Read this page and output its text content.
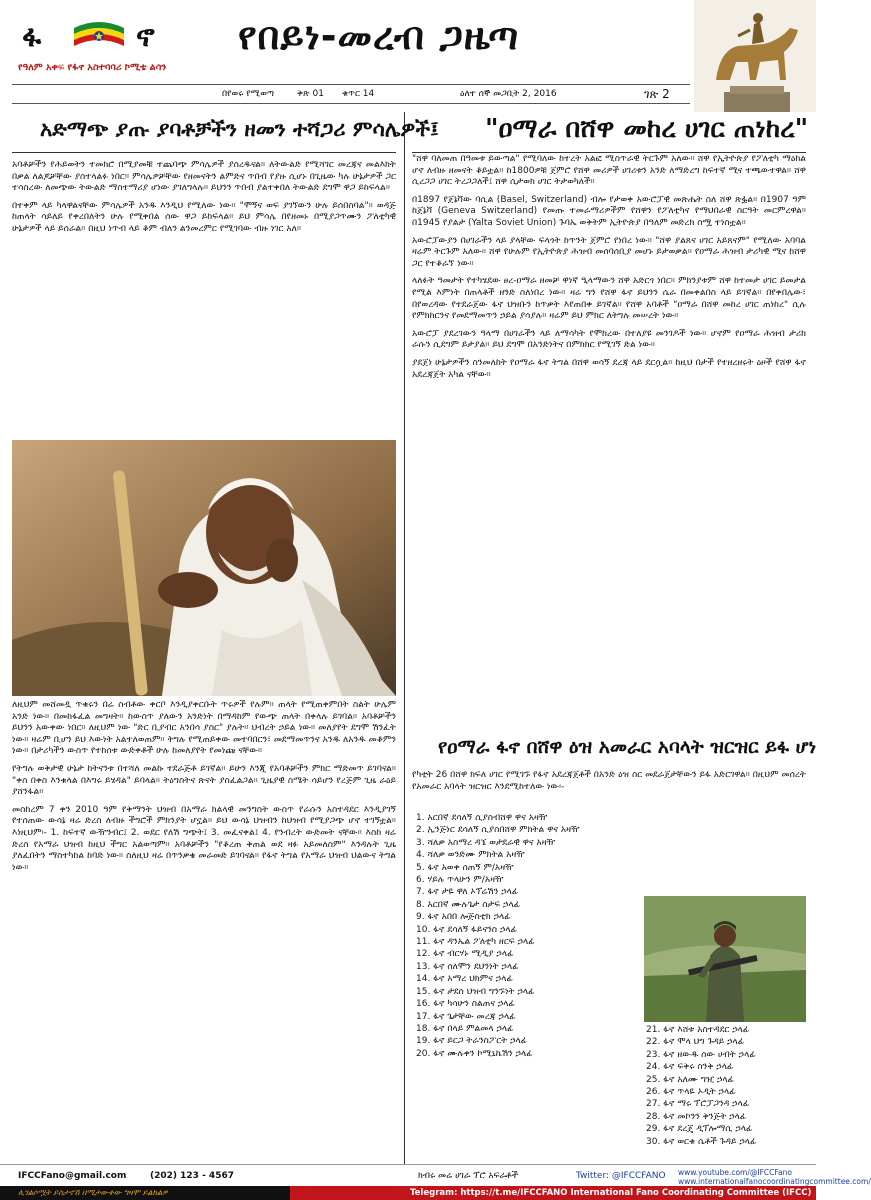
ፋ	ኖ	የበይነ-መረብ ጋዜጣ
የዓለም አቀፍ የፋኖ አስተባባሪ ኮሚቴ ልሳን
በየወሩ የሚወጣ	ቅጽ 01 ቁጥር 14	ዕለተ ሰኞ መጋቢት 2, 2016	ገጽ 2
አድማጭ ያጡ ያባቶቻችን ዘመን ተሻጋሪ ምሳሌዎች፤

አባቶቻችን የሕይወትን ተመክሮ በሚያመቹ ተጨባጭ ምሳሌዎች ያስረዱናል። ለትውልድ የሚሻገር መረጃና መልእክት በቃል ለልጆቻቸው ያስተላልፉ ነበር። ምሳሌዎቻቸው የዘመናትን ልምድና ጥበብ የያዙ ሲሆኑ በጊዜው ካሉ ሁኔታዎች ጋር ተሳስረው ለመጭው ትውልድ ማስተማሪያ ሆነው ያገለግላሉ። ይህንን ጥበብ ያልተቀበለ ትውልድ ደግሞ ዋጋ ይከፍላል።

በተቀም ላይ ካላዋልናቸው ምሳሌዎች አንዱ እንዲህ የሚለው ነው። "ሞኝና ወፍ ያገኘውን ሁሉ ይሰበስባል"። ወዳጅ ከጠላት ሳይለይ የቀረበለትን ሁሉ የሚቀበል ሰው ዋጋ ይከፍላል። ይህ ምሳሌ በየዘመኑ በሚያጋጥሙን ፖለቲካዊ ሁኔታዎች ላይ ይሰራል። በዚህ ነጥብ ላይ ቆም ብለን ልንመረምር የሚገባው ብዙ ነገር አለ።

ለዚህም መሸመዷ ጥቁሩን በሬ ስብቶው ቀርቦ እንዲያቀርቡት ጥሩዎች የሉም። ጠላት የሚጠቀምበት ስልት ሁሌም አንድ ነው። በመከፋፈል መግዛት። ከውስጥ ያለውን አንድነት በማዳከም የውጭ ጠላት በቀላሉ ይገባል። አባቶቻችን ይህንን አውቀው ነበር። ለዚህም ነው "ድር ቢያብር አንበሳ ያስር" ያሉት። ህብረት ኃይል ነው። መለያየት ደግሞ ሽንፈት ነው። ዛሬም ቢሆን ይህ እውነት አልተለወጠም። ትግሉ የሚጠይቀው መተባበርን፣ መደማመጥንና አንዱ ለአንዱ መቆምን ነው። በታሪካችን ውስጥ የተከሰቱ ውድቀቶች ሁሉ ከመለያየት የመነጩ ናቸው።

የትግሉ ወቅታዊ ሁኔታ ከትናንቱ በተሻለ መልኩ ተደራጅቶ ይገኛል። ይሁን እንጂ የአባቶቻችን ምክር ማድመጥ ይገባናል። "ቀስ በቀስ እንቁላል በእግሩ ይሄዳል" ይባላል። ትዕግስትና ጽናት ያስፈልጋል። ጊዜያዊ ስሜት ሳይሆን የረጅም ጊዜ ራዕይ ያሸንፋል።

መስከረም 7 ቀን 2010 ዓም የቅማንት ህዝብ በአማራ ክልላዊ መንግስት ውስጥ የራሱን አስተዳደር እንዲያገኝ የተሰጠው ውሳኔ ዛሬ ድረስ ለብዙ ችግሮች ምክንያት ሆኗል። ይህ ውሳኔ ህዝብን ከህዝብ የሚያጋጭ ሆኖ ተገኝቷል። እነዚህም፡- 1. ከፍተኛ ውዥንብር፤ 2. ወደር የለሽ ግጭት፤ 3. መፈናቀል፤ 4. የንብረት ውድመት ናቸው። እስከ ዛሬ ድረስ የአማራ ህዝብ ከዚህ ችግር አልወጣም። አባቶቻችን "የቆረጠ ቅጠል ወደ ዛፉ አይመለስም" እንዳሉት ጊዜ ያለፈበትን ማስተካከል ከባድ ነው። ስለዚህ ዛሬ በጥንቃቄ መራመድ ይገባናል። የፋኖ ትግል የአማራ ህዝብ ህልውና ትግል ነው።

"ዐማራ በሸዋ መከረ ሀገር ጠነከረ"

"ሸዋ ባለመጠ በዓመቱ ይውጣል" የሚባለው ከተረት አልፎ ሚስጥራዊ ትርጉም አለው። ሸዋ የኢትዮጵያ የፖለቲካ ማዕከል ሆኖ ለብዙ ዘመናት ቆይቷል። ከ1800ዎቹ ጀምሮ የሸዋ መሪዎች ሀገሪቱን አንድ ለማድረግ ከፍተኛ ሚና ተጫውተዋል። ሸዋ ሲረጋጋ ሀገር ትረጋጋለች፤ ሸዋ ሲታወክ ሀገር ትታወካለች።

በ1897 የጀኔቫው ባሲል (Basel, Switzerland) ብሎ የታወቀ አውሮፓዊ መጽሔት ስለ ሸዋ ጽፏል። በ1907 ዓም ከጀኔቫ (Geneva Switzerland) የመጡ ተመራማሪዎችም የሸዋን የፖለቲካና የማህበራዊ ስርዓት መርምረዋል። በ1945 የያልታ (Yalta Soviet Union) ጉባኤ ወቅትም ኢትዮጵያ በዓለም መድረክ ስሟ ተነስቷል።

አውሮፓውያን በሀገራችን ላይ ያላቸው ፍላጎት ከጥንት ጀምሮ የነበረ ነው። "ሸዋ ያልጸና ሀገር አይጸናም" የሚለው አባባል ዛሬም ትርጉም አለው። ሸዋ የሁሉም የኢትዮጵያ ሕዝብ መሰባሰቢያ መሆኑ ይታወቃል። የዐማራ ሕዝብ ታሪካዊ ሚና ከሸዋ ጋር የተቆራኘ ነው።

ላለፉት ዓመታት የተካሄደው ፀረ-ዐማራ ዘመቻ ዋነኛ ዒላማውን ሸዋ አድርጎ ነበር። ምክንያቱም ሸዋ ከተመታ ሀገር ይመታል የሚል እምነት በጠላቶች ዘንድ ስለነበረ ነው። ዛሬ ግን የሸዋ ፋኖ ይህንን ሴራ በመቀልበስ ላይ ይገኛል። በየቀበሌው፣ በየወረዳው የተደራጀው ፋኖ ህዝቡን ከጥቃት እየጠበቀ ይገኛል። የሸዋ አባቶች "ዐማራ በሸዋ መከረ ሀገር ጠነከረ" ሲሉ የምክክርንና የመደማመጥን ኃይል ያሳያሉ። ዛሬም ይህ ምክር ለትግሉ መሠረት ነው።

አውሮፓ ያደረገውን ዓላማ በሀገራችን ላይ ለማሳካት የሞከረው በተለያዩ መንገዶች ነው። ሆኖም የዐማራ ሕዝብ ታሪክ ራሱን ሲደግም ይታያል። ይህ ደግሞ በአንድነትና በምክክር የሚገኝ ድል ነው።

ያደጀነ ሁኔታዎችን ስንመለከት የዐማራ ፋኖ ትግል በሸዋ ወሳኝ ደረጃ ላይ ደርሷል። ከዚህ በታች የተዘረዘሩት ዕዞች የሸዋ ፋኖ አደረጃጀት አካል ናቸው።

የዐማራ ፋኖ በሸዋ ዕዝ አመራር አባላት ዝርዝር ይፋ ሆነ
የካቲት 26 በሸዋ ክፍለ ሀገር የሚገኙ የፋኖ አደረጃጀቶች በአንድ ዕዝ ስር መደራጀታቸውን ይፋ አድርገዋል። በዚህም መሰረት የአመራር አባላት ዝርዝር እንደሚከተለው ነው፡-
1. አርበኛ ደሳለኝ ሲያስብሸዋ ዋና አዛዥ
2. ኢንጅነር ደሳለኝ ሲያስበሸዋ ምክትል ዋና አዛዥ
3. ሻለቃ አስማረ ዳኜ ወታደራዊ ዋና አዛዥ
4. ሻለቃ ወንድሙ ምክትል አዛዥ
5. ፋኖ አወቀ ሰጠኝ ም/አዛዥ
6. ሃይሉ ጥላሁን ም/አዛዥ
7. ፋኖ ታዬ ዋለ ኦፕሬሽን ኃላፊ
8. አርበኛ ሙሉጌታ ስታፍ ኃላፊ
9. ፋኖ አበበ ሎጅስቲክ ኃላፊ
10. ፋኖ ደሳለኝ ፋይናንስ ኃላፊ
11. ፋኖ ዳንኤል ፖለቲካ ዘርፍ ኃላፊ
12. ፋኖ ብርሃኑ ሚዲያ ኃላፊ
13. ፋኖ ሰለሞን ደህንነት ኃላፊ
14. ፋኖ አማረ ህክምና ኃላፊ
15. ፋኖ ታደሰ ህዝብ ግንኙነት ኃላፊ
16. ፋኖ ካሳሁን ስልጠና ኃላፊ
17. ፋኖ ጌታቸው መረጃ ኃላፊ
18. ፋኖ በላይ ምልመላ ኃላፊ
19. ፋኖ ይርጋ ትራንስፖርት ኃላፊ
20. ፋኖ ሙሉቀን ኮሚኒኬሽን ኃላፊ
21. ፋኖ እሸቱ አስተዳደር ኃላፊ
22. ፋኖ ሞላ ህግ ጉዳይ ኃላፊ
23. ፋኖ ዘውዱ ሰው ሀብት ኃላፊ
24. ፋኖ ፍቅሩ ስንቅ ኃላፊ
25. ፋኖ አለሙ ግዢ ኃላፊ
26. ፋኖ ጥላዬ ኦዲት ኃላፊ
27. ፋኖ ማሩ ፕሮፓጋንዳ ኃላፊ
28. ፋኖ መኮንን ቅንጅት ኃላፊ
29. ፋኖ ደረጄ ዲፕሎማሲ ኃላፊ
30. ፋኖ ወርቁ ሴቶች ጉዳይ ኃላፊ
IFCCFano@gmail.com	(202) 123 - 4567	ክብሩ መሬ ሀገራ ፕሮ አፍራቶች	Twitter: @IFCCFANO www.youtube.com/@IFCCFano
www.internationalfanocoordinatingcommittee.com/
ሊገልሶሟት ይስታኖሽ በሚታውቀው ግዛሞ ይልክልዎ	Telegram: https://t.me/IFCCFANO International Fano Coordinating Committee (IFCC)
